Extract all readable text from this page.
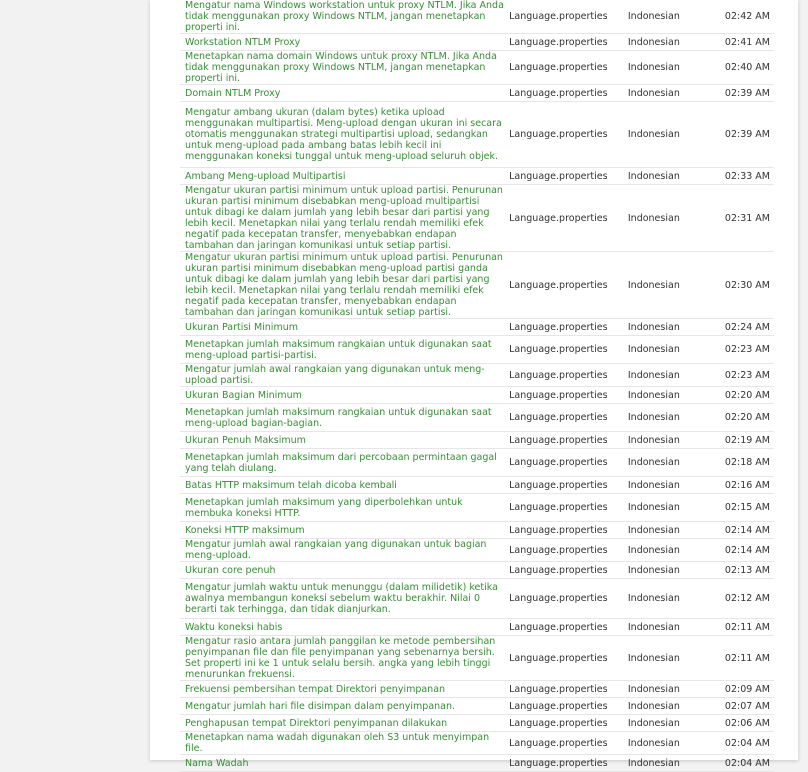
Mengatur nama Windows workstation untuk proxy NTLM. Jika Anda tidak menggunakan proxy Windows NTLM, jangan menetapkan properti ini.	Language.properties	Indonesian	02:42 AM
Workstation NTLM Proxy	Language.properties	Indonesian	02:41 AM
Menetapkan nama domain Windows untuk proxy NTLM. Jika Anda tidak menggunakan proxy Windows NTLM, jangan menetapkan properti ini.	Language.properties	Indonesian	02:40 AM
Domain NTLM Proxy	Language.properties	Indonesian	02:39 AM
Mengatur ambang ukuran (dalam bytes) ketika upload menggunakan multipartisi. Meng-upload dengan ukuran ini secara otomatis menggunakan strategi multipartisi upload, sedangkan untuk meng-upload pada ambang batas lebih kecil ini menggunakan koneksi tunggal untuk meng-upload seluruh objek.	Language.properties	Indonesian	02:39 AM
Ambang Meng-upload Multipartisi	Language.properties	Indonesian	02:33 AM
Mengatur ukuran partisi minimum untuk upload partisi. Penurunan ukuran partisi minimum disebabkan meng-upload multipartisi untuk dibagi ke dalam jumlah yang lebih besar dari partisi yang lebih kecil. Menetapkan nilai yang terlalu rendah memiliki efek negatif pada kecepatan transfer, menyebabkan endapan tambahan dan jaringan komunikasi untuk setiap partisi.	Language.properties	Indonesian	02:31 AM
Mengatur ukuran partisi minimum untuk upload partisi. Penurunan ukuran partisi minimum disebabkan meng-upload partisi ganda untuk dibagi ke dalam jumlah yang lebih besar dari partisi yang lebih kecil. Menetapkan nilai yang terlalu rendah memiliki efek negatif pada kecepatan transfer, menyebabkan endapan tambahan dan jaringan komunikasi untuk setiap partisi.	Language.properties	Indonesian	02:30 AM
Ukuran Partisi Minimum	Language.properties	Indonesian	02:24 AM
Menetapkan jumlah maksimum rangkaian untuk digunakan saat meng-upload partisi-partisi.	Language.properties	Indonesian	02:23 AM
Mengatur jumlah awal rangkaian yang digunakan untuk meng-upload partisi.	Language.properties	Indonesian	02:23 AM
Ukuran Bagian Minimum	Language.properties	Indonesian	02:20 AM
Menetapkan jumlah maksimum rangkaian untuk digunakan saat meng-upload bagian-bagian.	Language.properties	Indonesian	02:20 AM
Ukuran Penuh Maksimum	Language.properties	Indonesian	02:19 AM
Menetapkan jumlah maksimum dari percobaan permintaan gagal yang telah diulang.	Language.properties	Indonesian	02:18 AM
Batas HTTP maksimum telah dicoba kembali	Language.properties	Indonesian	02:16 AM
Menetapkan jumlah maksimum yang diperbolehkan untuk membuka koneksi HTTP.	Language.properties	Indonesian	02:15 AM
Koneksi HTTP maksimum	Language.properties	Indonesian	02:14 AM
Mengatur jumlah awal rangkaian yang digunakan untuk bagian meng-upload.	Language.properties	Indonesian	02:14 AM
Ukuran core penuh	Language.properties	Indonesian	02:13 AM
Mengatur jumlah waktu untuk menunggu (dalam milidetik) ketika awalnya membangun koneksi sebelum waktu berakhir. Nilai 0 berarti tak terhingga, dan tidak dianjurkan.	Language.properties	Indonesian	02:12 AM
Waktu koneksi habis	Language.properties	Indonesian	02:11 AM
Mengatur rasio antara jumlah panggilan ke metode pembersihan penyimpanan file dan file penyimpanan yang sebenarnya bersih. Set properti ini ke 1 untuk selalu bersih. angka yang lebih tinggi menurunkan frekuensi.	Language.properties	Indonesian	02:11 AM
Frekuensi pembersihan tempat Direktori penyimpanan	Language.properties	Indonesian	02:09 AM
Mengatur jumlah hari file disimpan dalam penyimpanan.	Language.properties	Indonesian	02:07 AM
Penghapusan tempat Direktori penyimpanan dilakukan	Language.properties	Indonesian	02:06 AM
Menetapkan nama wadah digunakan oleh S3 untuk menyimpan file.	Language.properties	Indonesian	02:04 AM
Nama Wadah	Language.properties	Indonesian	02:04 AM
